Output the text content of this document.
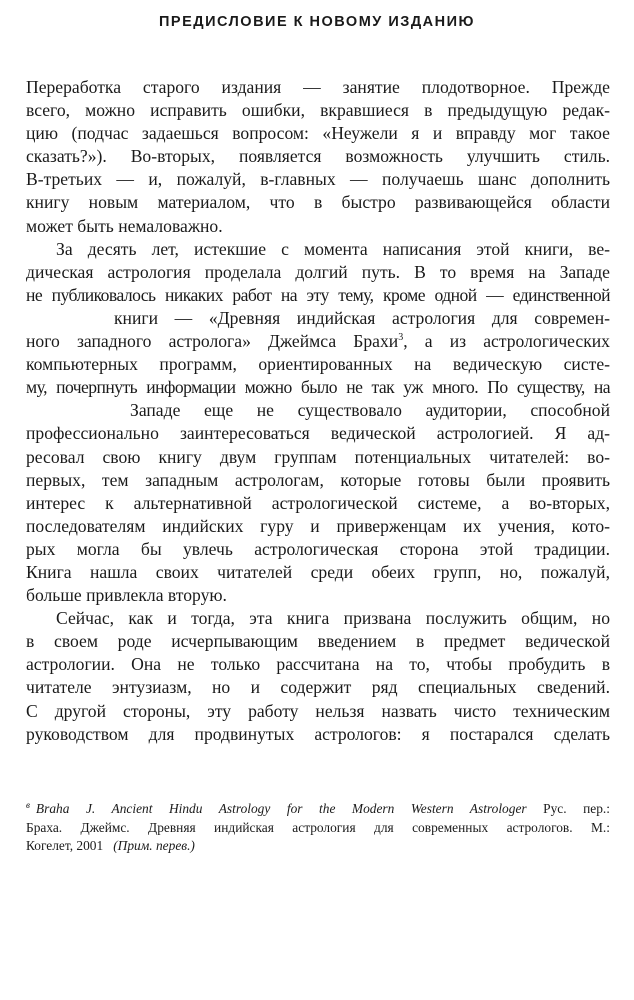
ПРЕДИСЛОВИЕ К НОВОМУ ИЗДАНИЮ
Переработка старого издания — занятие плодотворное. Прежде
всего, можно исправить ошибки, вкравшиеся в предыдущую редак-
цию (подчас задаешься вопросом: «Неужели я и вправду мог такое
сказать?»). Во-вторых, появляется возможность улучшить стиль.
В-третьих — и, пожалуй, в-главных — получаешь шанс дополнить
книгу новым материалом, что в быстро развивающейся области
может быть немаловажно.
За десять лет, истекшие с момента написания этой книги, ве-
дическая астрология проделала долгий путь. В то время на Западе
не публиковалось никаких работ на эту тему, кроме одной — единственной
книги — «Древняя индийская астрология для современ-
ного западного астролога» Джеймса Брахи$^3$, а из астрологических
компьютерных программ, ориентированных на ведическую систе-
му, почерпнуть информации можно было не так уж много. По существу, на
Западе еще не существовало аудитории, способной
профессионально заинтересоваться ведической астрологией. Я ад-
ресовал свою книгу двум группам потенциальных читателей: во-
первых, тем западным астрологам, которые готовы были проявить
интерес к альтернативной астрологической системе, а во-вторых,
последователям индийских гуру и приверженцам их учения, кото-
рых могла бы увлечь астрологическая сторона этой традиции.
Книга нашла своих читателей среди обеих групп, но, пожалуй,
больше привлекла вторую.
Сейчас, как и тогда, эта книга призвана послужить общим, но
в своем роде исчерпывающим введением в предмет ведической
астрологии. Она не только рассчитана на то, чтобы пробудить в
читателе энтузиазм, но и содержит ряд специальных сведений.
С другой стороны, эту работу нельзя назвать чисто техническим
руководством для продвинутых астрологов: я постарался сделать
$^в$ Braha J. Ancient Hindu Astrology for the Modern Western Astrologer Рус. пер.:
Браха. Джеймс. Древняя индийская астрология для современных астрологов. М.:
Когелет, 2001 (Прим. перев.)
